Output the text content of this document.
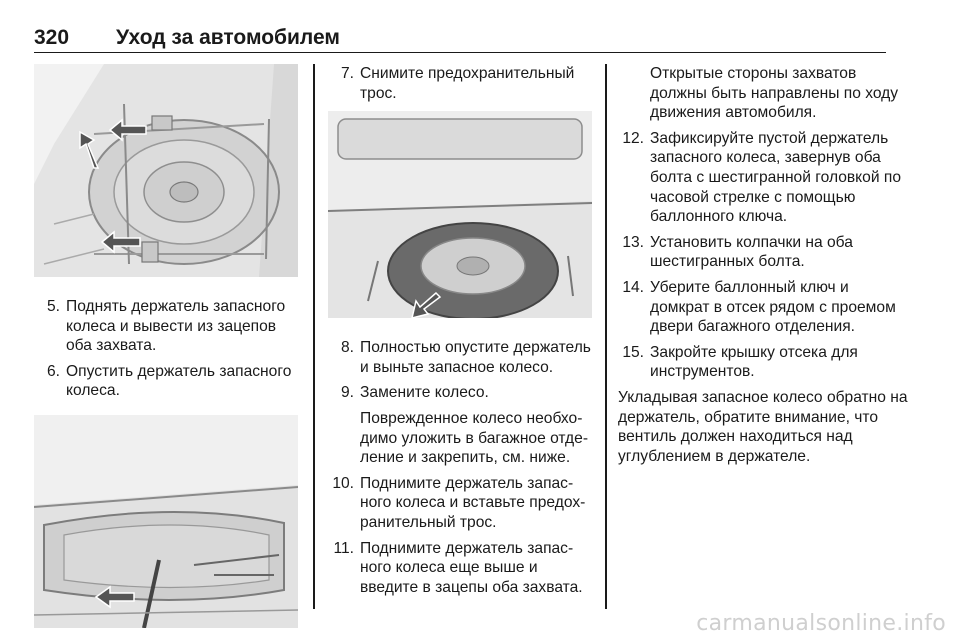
320 Уход за автомобилем
5. Поднять держатель запасного колеса и вывести из зацепов оба захвата.
6. Опустить держатель запасного колеса.
7. Снимите предохранительный трос.
8. Полностью опустите держатель и выньте запасное колесо.
9. Замените колесо.
Поврежденное колесо необходимо уложить в багажное отделение и закрепить, см. ниже.
10. Поднимите держатель запасного колеса и вставьте предохранительный трос.
11. Поднимите держатель запасного колеса еще выше и введите в зацепы оба захвата.

Открытые стороны захватов должны быть направлены по ходу движения автомобиля.

12. Зафиксируйте пустой держатель запасного колеса, завернув оба болта с шестигранной головкой по часовой стрелке с помощью баллонного ключа.
13. Установить колпачки на оба шестигранных болта.
14. Уберите баллонный ключ и домкрат в отсек рядом с проемом двери багажного отделения.
15. Закройте крышку отсека для инструментов.

Укладывая запасное колесо обратно на держатель, обратите внимание, что вентиль должен находиться над углублением в держателе.

carmanualsonline.info
